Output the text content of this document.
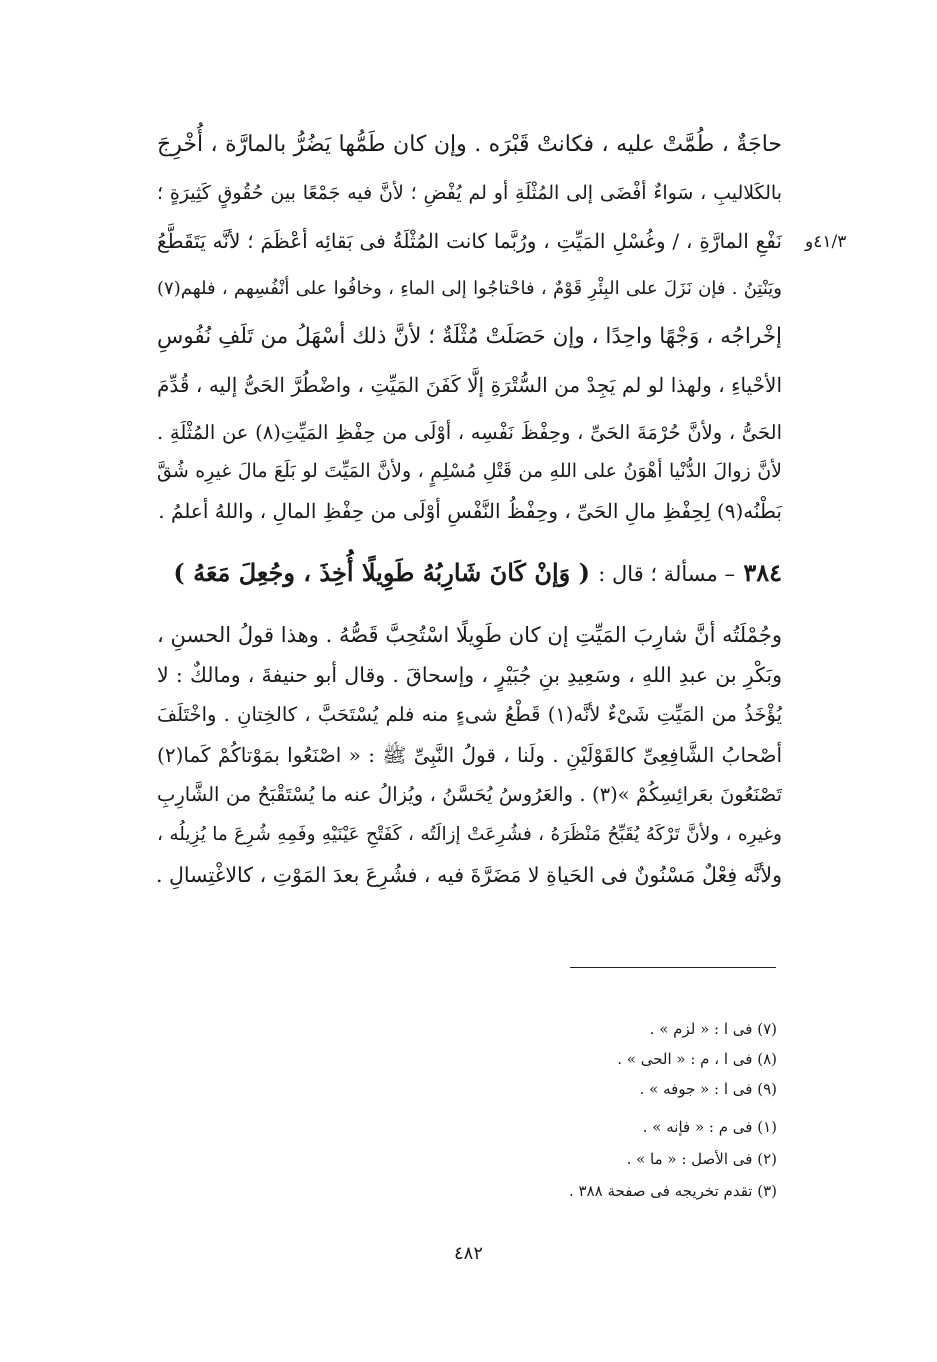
حاجَةٌ ، طُمَّتْ عليه ، فكانتْ قَبْرَه . وإن كان طَمُّها يَضُرُّ بالمارَّة ، أُخْرِجَ
بالكَلاليبِ ، سَواءٌ أفْضَى إلى المُثْلَةِ أو لم يُفْضِ ؛ لأنَّ فيه جَمْعًا بين حُقُوقٍ كَثِيرَةٍ ؛
نَفْعِ المارَّةِ ، / وغُسْلِ المَيِّتِ ، ورُبَّما كانت المُثْلَةُ فى بَقائِه أعْظَمَ ؛ لأنَّه يَتَقَطَّعُ
ويَنْتِنُ . فإن نَزَلَ على البِئْرِ قَوْمٌ ، فاحْتاجُوا إلى الماءِ ، وخافُوا على أنْفُسِهم ، فلهم(٧)
إخْراجُه ، وَجْهًا واحِدًا ، وإن حَصَلَتْ مُثْلَةٌ ؛ لأنَّ ذلك أسْهَلُ من تَلَفِ نُفُوسِ
الأحْياءِ ، ولهذا لو لم يَجِدْ من السُّتْرَةِ إلَّا كَفَنَ المَيِّتِ ، واضْطُرَّ الحَىُّ إليه ، قُدِّمَ
الحَىُّ ، ولأنَّ حُرْمَةَ الحَىِّ ، وحِفْظَ نَفْسِه ، أوْلَى من حِفْظِ المَيِّتِ(٨) عن المُثْلَةِ .
لأنَّ زوالَ الدُّنْيا أهْوَنُ على اللهِ من قَتْلِ مُسْلِمٍ ، ولأنَّ المَيِّتَ لو بَلَعَ مالَ غيرِه شُقَّ
بَطْنُه(٩) لِحِفْظِ مالِ الحَىِّ ، وحِفْظُ النَّفْسِ أوْلَى من حِفْظِ المالِ ، واللهُ أعلمُ .
٤١/٣و
٣٨٤ – مسألة ؛ قال : ( وَإنْ كَانَ شَارِبُهُ طَوِيلًا أُخِذَ ، وجُعِلَ مَعَهُ )
وجُمْلَتُه أنَّ شارِبَ المَيِّتِ إن كان طَوِيلًا اسْتُحِبَّ قَصُّهُ . وهذا قولُ الحسنِ ،
وبَكْرِ بن عبدِ اللهِ ، وسَعِيدِ بنِ جُبَيْرٍ ، وإسحاقَ . وقال أبو حنيفةَ ، ومالكٌ : لا
يُؤْخَذُ من المَيِّتِ شَىْءٌ لأنَّه(١) قَطْعُ شىءٍ منه فلم يُسْتَحَبَّ ، كالخِتانِ . واخْتَلَفَ
أصْحابُ الشَّافِعِىِّ كالقَوْلَيْنِ . ولَنا ، قولُ النَّبِىِّ ﷺ : « اصْنَعُوا بمَوْتاكُمْ كَما(٢)
تَصْنَعُونَ بعَرائِسِكُمْ »(٣) . والعَرُوسُ يُحَسَّنُ ، ويُزالُ عنه ما يُسْتَقْبَحُ من الشَّارِبِ
وغيرِه ، ولأنَّ تَرْكَهُ يُقَبِّحُ مَنْظَرَهُ ، فشُرِعَتْ إزالَتُه ، كَفَتْحِ عَيْنَيْهِ وفَمِهِ شُرِعَ ما يُزِيلُه ،
ولأنَّه فِعْلٌ مَسْنُونٌ فى الحَياةِ لا مَضَرَّةَ فيه ، فشُرِعَ بعدَ المَوْتِ ، كالاغْتِسالِ .
(٧) فى ا : « لزم » .
(٨) فى ا ، م : « الحى » .
(٩) فى ا : « جوفه » .
(١) فى م : « فإنه » .
(٢) فى الأصل : « ما » .
(٣) تقدم تخريجه فى صفحة ٣٨٨ .
٤٨٢
